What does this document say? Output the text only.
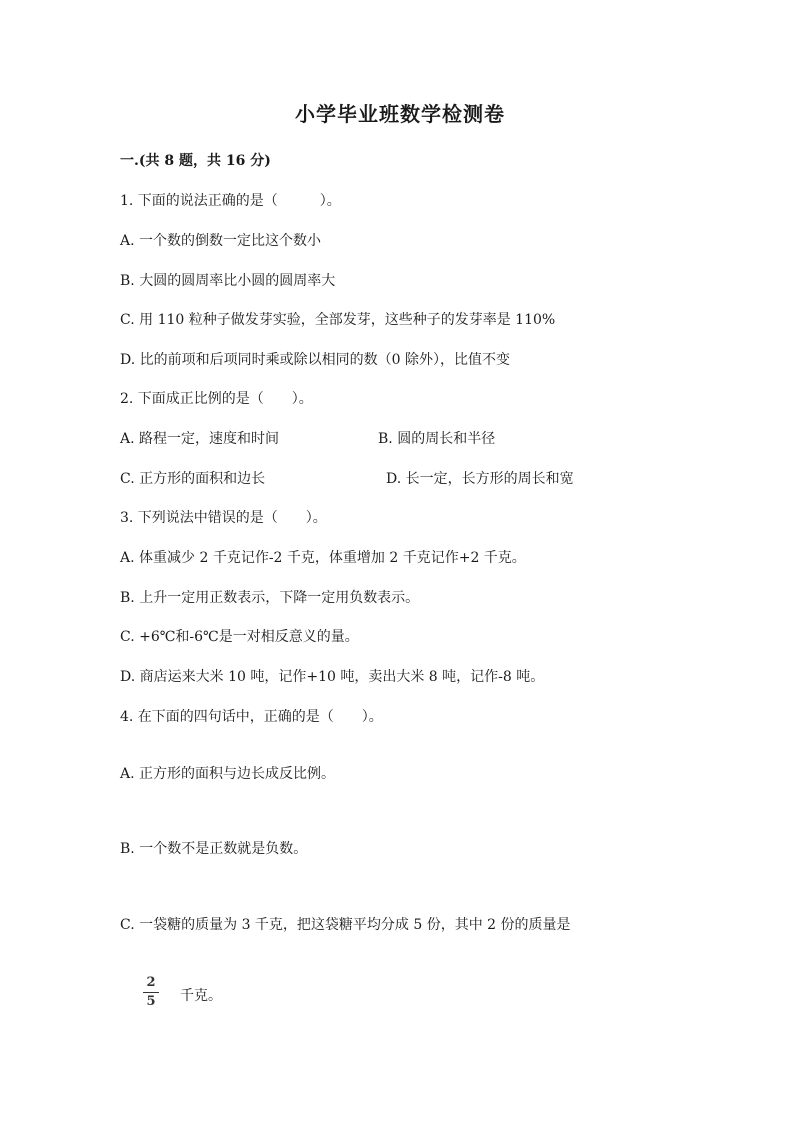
小学毕业班数学检测卷
一.(共 8 题，共 16 分)
1. 下面的说法正确的是（　　　）。
A. 一个数的倒数一定比这个数小
B. 大圆的圆周率比小圆的圆周率大
C. 用 110 粒种子做发芽实验，全部发芽，这些种子的发芽率是 110%
D. 比的前项和后项同时乘或除以相同的数（0 除外），比值不变
2. 下面成正比例的是（　　）。
A. 路程一定，速度和时间	B. 圆的周长和半径
C. 正方形的面积和边长	D. 长一定，长方形的周长和宽
3. 下列说法中错误的是（　　）。
A. 体重减少 2 千克记作-2 千克，体重增加 2 千克记作+2 千克。
B. 上升一定用正数表示，下降一定用负数表示。
C. +6℃和-6℃是一对相反意义的量。
D. 商店运来大米 10 吨，记作+10 吨，卖出大米 8 吨，记作-8 吨。
4. 在下面的四句话中，正确的是（　　）。
A. 正方形的面积与边长成反比例。
B. 一个数不是正数就是负数。
C. 一袋糖的质量为 3 千克，把这袋糖平均分成 5 份，其中 2 份的质量是
2
5 千克。
